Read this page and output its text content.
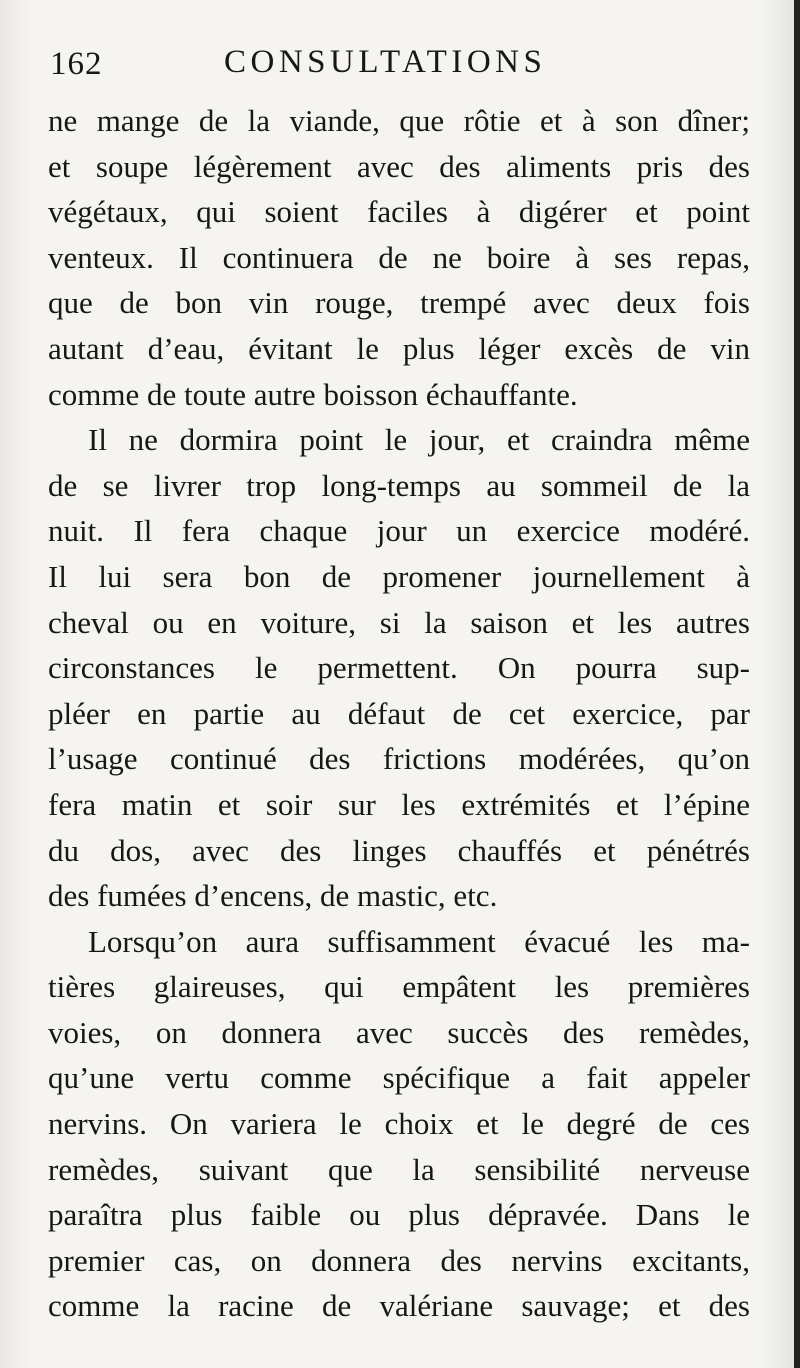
162	CONSULTATIONS
ne mange de la viande, que rôtie et à son dîner;
et soupe légèrement avec des aliments pris des
végétaux, qui soient faciles à digérer et point
venteux. Il continuera de ne boire à ses repas,
que de bon vin rouge, trempé avec deux fois
autant d’eau, évitant le plus léger excès de vin
comme de toute autre boisson échauffante.
Il ne dormira point le jour, et craindra même
de se livrer trop long-temps au sommeil de la
nuit. Il fera chaque jour un exercice modéré.
Il lui sera bon de promener journellement à
cheval ou en voiture, si la saison et les autres
circonstances le permettent. On pourra sup-
pléer en partie au défaut de cet exercice, par
l’usage continué des frictions modérées, qu’on
fera matin et soir sur les extrémités et l’épine
du dos, avec des linges chauffés et pénétrés
des fumées d’encens, de mastic, etc.
Lorsqu’on aura suffisamment évacué les ma-
tières glaireuses, qui empâtent les premières
voies, on donnera avec succès des remèdes,
qu’une vertu comme spécifique a fait appeler
nervins. On variera le choix et le degré de ces
remèdes, suivant que la sensibilité nerveuse
paraîtra plus faible ou plus dépravée. Dans le
premier cas, on donnera des nervins excitants,
comme la racine de valériane sauvage; et des
